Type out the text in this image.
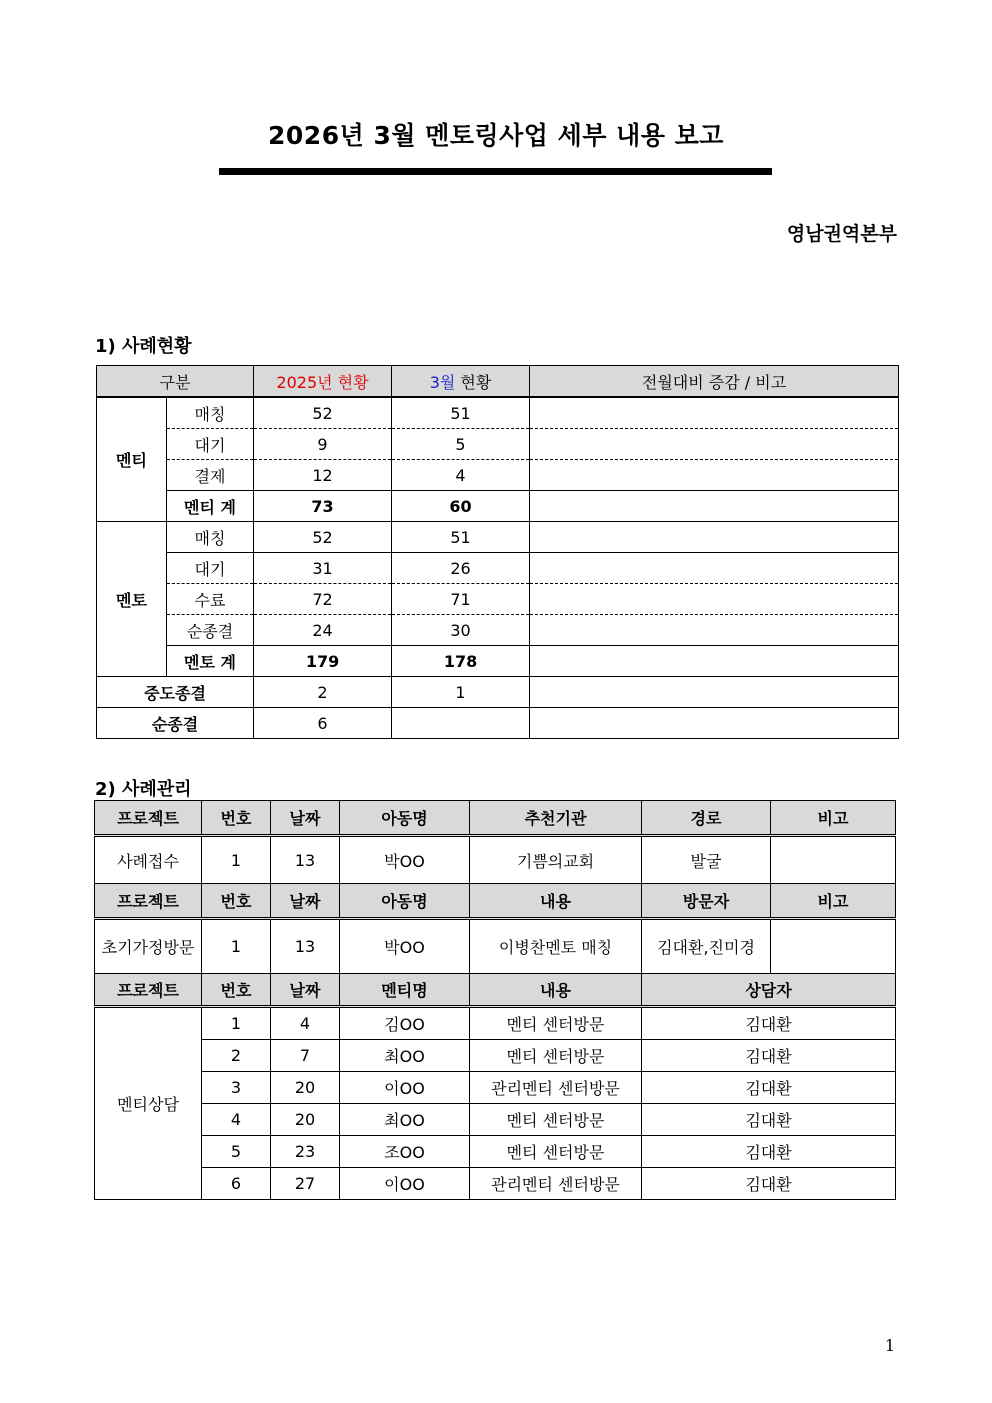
2026년 3월 멘토링사업 세부 내용 보고
영남권역본부
1) 사례현황
구분		2025년 현황	3월 현황	전월대비 증감 / 비고
멘티	매칭	52	51	
	대기	9	5	
	결제	12	4	
	멘티 계	73	60	
멘토	매칭	52	51	
	대기	31	26	
	수료	72	71	
	순종결	24	30	
	멘토 계	179	178	
중도종결		2	1	
순종결		6		
2) 사례관리
프로젝트	번호	날짜	아동명	추천기관	경로	비고
사례접수	1	13	박OO	기쁨의교회	발굴	
프로젝트	번호	날짜	아동명	내용	방문자	비고
초기가정방문	1	13	박OO	이병찬멘토 매칭	김대환,진미경	
프로젝트	번호	날짜	멘티명	내용	상담자	
멘티상담	1	4	김OO	멘티 센터방문	김대환	
	2	7	최OO	멘티 센터방문	김대환	
	3	20	이OO	관리멘티 센터방문	김대환	
	4	20	최OO	멘티 센터방문	김대환	
	5	23	조OO	멘티 센터방문	김대환	
	6	27	이OO	관리멘티 센터방문	김대환	
1
